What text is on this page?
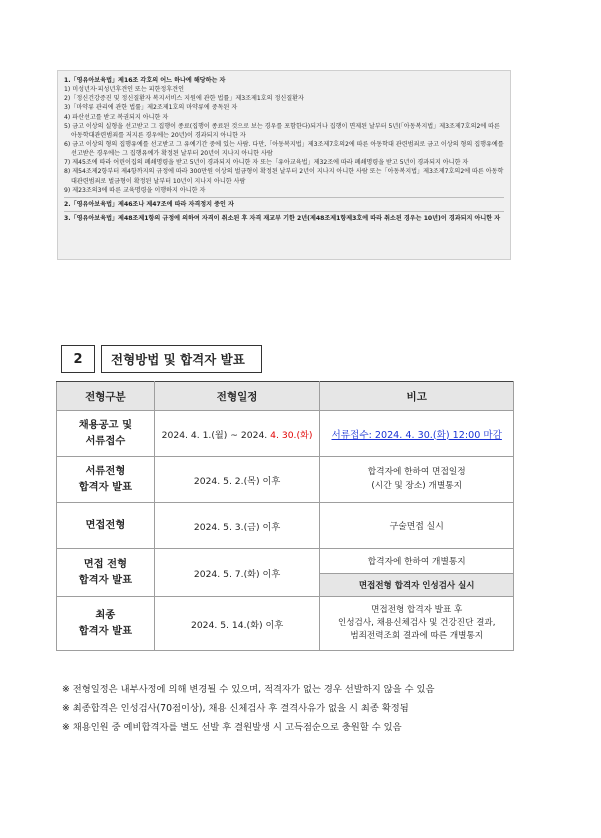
1.「영유아보육법」제16조 각호의 어느 하나에 해당하는 자
1) 미성년자·피성년후견인 또는 피한정후견인
2)「정신건강증진 및 정신질환자 복지서비스 지원에 관한 법률」제3조제1호의 정신질환자
3)「마약류 관리에 관한 법률」제2조제1호의 마약류에 중독된 자
4) 파산선고를 받고 복권되지 아니한 자
5) 금고 이상의 실형을 선고받고 그 집행이 종료(집행이 종료된 것으로 보는 경우를 포함한다)되거나 집행이 면제된 날부터 5년(「아동복지법」제3조제7호의2에 따른 아동학대관련범죄를 저지른 경우에는 20년)이 경과되지 아니한 자
6) 금고 이상의 형의 집행유예를 선고받고 그 유예기간 중에 있는 사람. 다만,「아동복지법」제3조제7호의2에 따른 아동학대 관련범죄로 금고 이상의 형의 집행유예를 선고받은 경우에는 그 집행유예가 확정된 날부터 20년이 지나지 아니한 사람
7) 제45조에 따라 어린이집의 폐쇄명령을 받고 5년이 경과되지 아니한 자 또는「유아교육법」제32조에 따라 폐쇄명령을 받고 5년이 경과되지 아니한 자
8) 제54조제2항부터 제4항까지의 규정에 따라 300만원 이상의 벌금형이 확정된 날부터 2년이 지나지 아니한 사람 또는「아동복지법」제3조제7호의2에 따른 아동학대관련범죄로 벌금형이 확정된 날부터 10년이 지나지 아니한 사람
9) 제23조의3에 따른 교육명령을 이행하지 아니한 자
2.「영유아보육법」제46조나 제47조에 따라 자격정지 중인 자
3.「영유아보육법」제48조제1항의 규정에 의하여 자격이 취소된 후 자격 재교부 기한 2년(제48조제1항제3호에 따라 취소된 경우는 10년)이 경과되지 아니한 자
2	전형방법 및 합격자 발표
전형구분	전형일정	비고
채용공고 및
서류접수	2024. 4. 1.(월) ~ 2024. 4. 30.(화)	서류접수: 2024. 4. 30.(화) 12:00 마감
서류전형
합격자 발표	2024. 5. 2.(목) 이후	합격자에 한하여 면접일정
(시간 및 장소) 개별통지
면접전형	2024. 5. 3.(금) 이후	구술면접 실시
면접 전형
합격자 발표	2024. 5. 7.(화) 이후	합격자에 한하여 개별통지
		면접전형 합격자 인성검사 실시
최종
합격자 발표	2024. 5. 14.(화) 이후	면접전형 합격자 발표 후
인성검사, 채용신체검사 및 건강진단 결과,
범죄전력조회 결과에 따른 개별통지
※ 전형일정은 내부사정에 의해 변경될 수 있으며, 적격자가 없는 경우 선발하지 않을 수 있음
※ 최종합격은 인성검사(70점이상), 채용 신체검사 후 결격사유가 없을 시 최종 확정됨
※ 채용인원 중 예비합격자를 별도 선발 후 결원발생 시 고득점순으로 충원할 수 있음
